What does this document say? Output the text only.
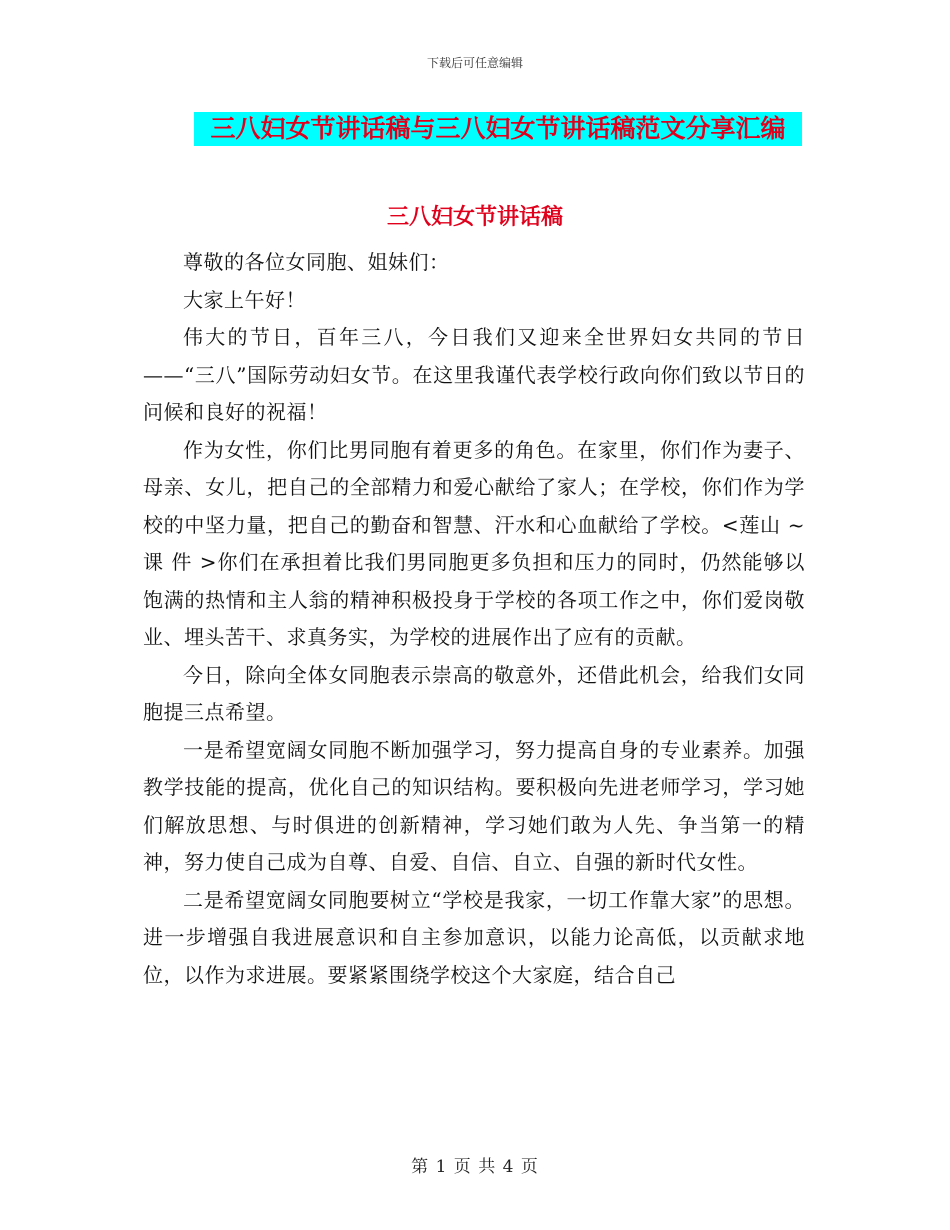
下载后可任意编辑
三八妇女节讲话稿与三八妇女节讲话稿范文分享汇编
三八妇女节讲话稿

尊敬的各位女同胞、姐妹们：

大家上午好！

伟大的节日，百年三八，今日我们又迎来全世界妇女共同的节日——“三八”国际劳动妇女节。在这里我谨代表学校行政向你们致以节日的问候和良好的祝福！

作为女性，你们比男同胞有着更多的角色。在家里，你们作为妻子、母亲、女儿，把自己的全部精力和爱心献给了家人；在学校，你们作为学校的中坚力量，把自己的勤奋和智慧、汗水和心血献给了学校。<莲山 ~ 课 件 >你们在承担着比我们男同胞更多负担和压力的同时，仍然能够以饱满的热情和主人翁的精神积极投身于学校的各项工作之中，你们爱岗敬业、埋头苦干、求真务实，为学校的进展作出了应有的贡献。

今日，除向全体女同胞表示崇高的敬意外，还借此机会，给我们女同胞提三点希望。

一是希望宽阔女同胞不断加强学习，努力提高自身的专业素养。加强教学技能的提高，优化自己的知识结构。要积极向先进老师学习，学习她们解放思想、与时俱进的创新精神，学习她们敢为人先、争当第一的精神，努力使自己成为自尊、自爱、自信、自立、自强的新时代女性。

二是希望宽阔女同胞要树立“学校是我家，一切工作靠大家”的思想。进一步增强自我进展意识和自主参加意识，以能力论高低，以贡献求地位，以作为求进展。要紧紧围绕学校这个大家庭，结合自己

第 1 页 共 4 页
